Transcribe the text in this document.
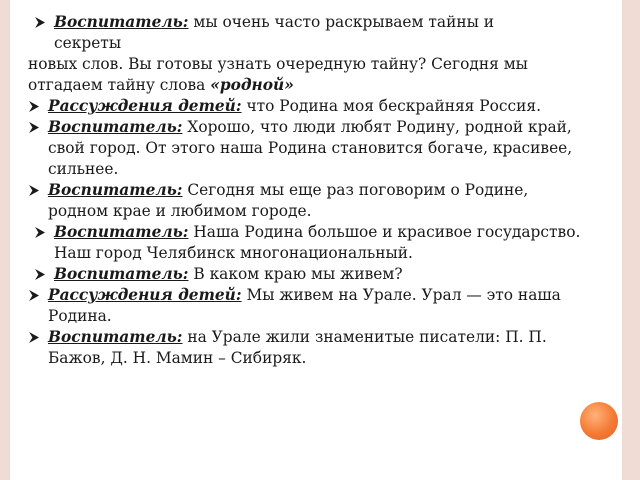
Воспитатель: мы очень часто раскрываем тайны и секреты
новых слов. Вы готовы узнать очередную тайну? Сегодня мы отгадаем тайну слова «родной»
Рассуждения детей: что Родина моя бескрайняя Россия.
Воспитатель: Хорошо, что люди любят Родину, родной край, свой город. От этого наша Родина становится богаче, красивее, сильнее.
Воспитатель: Сегодня мы еще раз поговорим о Родине, родном крае и любимом городе.
Воспитатель: Наша Родина большое и красивое государство. Наш город Челябинск многонациональный.
Воспитатель: В каком краю мы живем?
Рассуждения детей: Мы живем на Урале. Урал — это наша Родина.
Воспитатель: на Урале жили знаменитые писатели: П. П. Бажов, Д. Н. Мамин – Сибиряк.
